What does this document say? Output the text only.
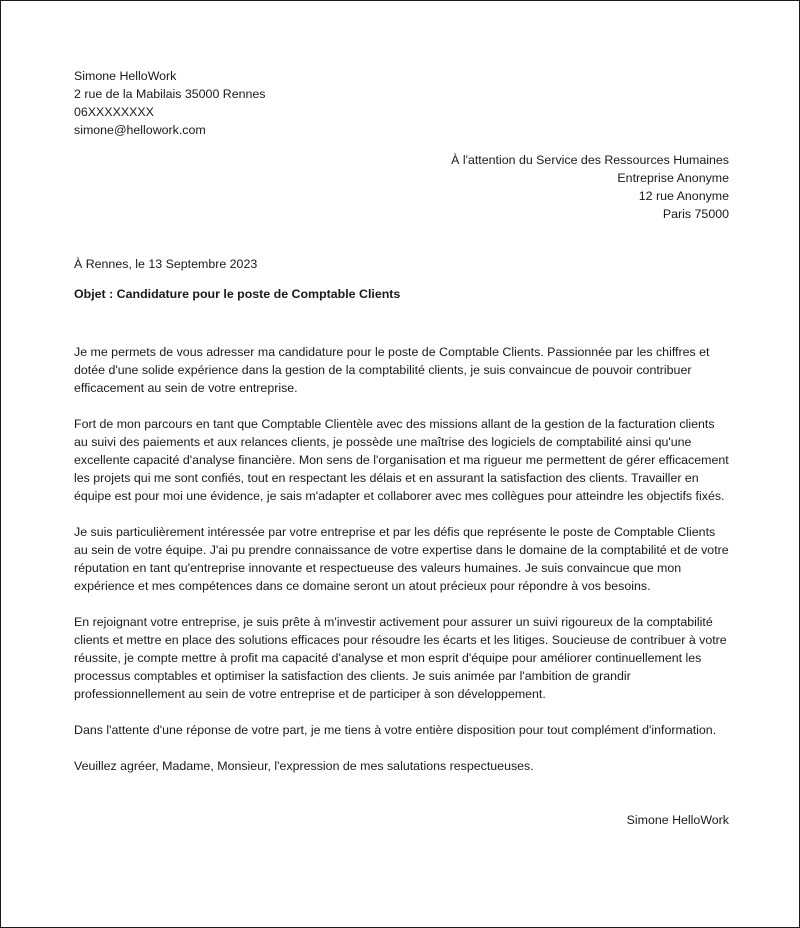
Simone HelloWork
2 rue de la Mabilais 35000 Rennes
06XXXXXXXX
simone@hellowork.com
À l'attention du Service des Ressources Humaines
Entreprise Anonyme
12 rue Anonyme
Paris 75000
À Rennes, le 13 Septembre 2023
Objet : Candidature pour le poste de Comptable Clients

Je me permets de vous adresser ma candidature pour le poste de Comptable Clients. Passionnée par les chiffres et dotée d'une solide expérience dans la gestion de la comptabilité clients, je suis convaincue de pouvoir contribuer efficacement au sein de votre entreprise.

Fort de mon parcours en tant que Comptable Clientèle avec des missions allant de la gestion de la facturation clients au suivi des paiements et aux relances clients, je possède une maîtrise des logiciels de comptabilité ainsi qu'une excellente capacité d'analyse financière. Mon sens de l'organisation et ma rigueur me permettent de gérer efficacement les projets qui me sont confiés, tout en respectant les délais et en assurant la satisfaction des clients. Travailler en équipe est pour moi une évidence, je sais m'adapter et collaborer avec mes collègues pour atteindre les objectifs fixés.

Je suis particulièrement intéressée par votre entreprise et par les défis que représente le poste de Comptable Clients au sein de votre équipe. J'ai pu prendre connaissance de votre expertise dans le domaine de la comptabilité et de votre réputation en tant qu'entreprise innovante et respectueuse des valeurs humaines. Je suis convaincue que mon expérience et mes compétences dans ce domaine seront un atout précieux pour répondre à vos besoins.

En rejoignant votre entreprise, je suis prête à m'investir activement pour assurer un suivi rigoureux de la comptabilité clients et mettre en place des solutions efficaces pour résoudre les écarts et les litiges. Soucieuse de contribuer à votre réussite, je compte mettre à profit ma capacité d'analyse et mon esprit d'équipe pour améliorer continuellement les processus comptables et optimiser la satisfaction des clients. Je suis animée par l'ambition de grandir professionnellement au sein de votre entreprise et de participer à son développement.

Dans l'attente d'une réponse de votre part, je me tiens à votre entière disposition pour tout complément d'information.

Veuillez agréer, Madame, Monsieur, l'expression de mes salutations respectueuses.

Simone HelloWork
